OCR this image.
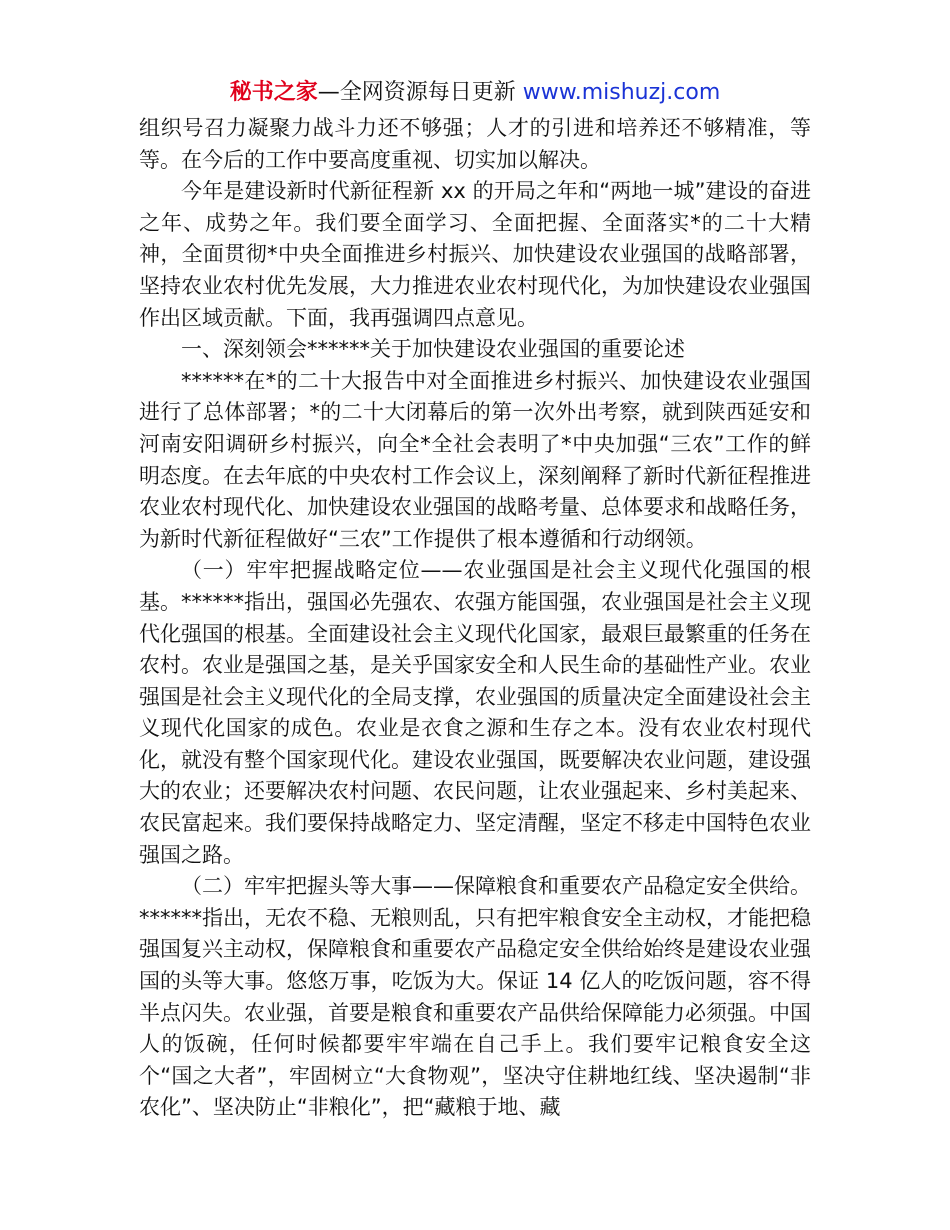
秘书之家—全网资源每日更新 www.mishuzj.com

组织号召力凝聚力战斗力还不够强；人才的引进和培养还不够精准，等等。在今后的工作中要高度重视、切实加以解决。

今年是建设新时代新征程新 xx 的开局之年和“两地一城”建设的奋进之年、成势之年。我们要全面学习、全面把握、全面落实*的二十大精神，全面贯彻*中央全面推进乡村振兴、加快建设农业强国的战略部署，坚持农业农村优先发展，大力推进农业农村现代化，为加快建设农业强国作出区域贡献。下面，我再强调四点意见。

一、深刻领会******关于加快建设农业强国的重要论述

******在*的二十大报告中对全面推进乡村振兴、加快建设农业强国进行了总体部署；*的二十大闭幕后的第一次外出考察，就到陕西延安和河南安阳调研乡村振兴，向全*全社会表明了*中央加强“三农”工作的鲜明态度。在去年底的中央农村工作会议上，深刻阐释了新时代新征程推进农业农村现代化、加快建设农业强国的战略考量、总体要求和战略任务，为新时代新征程做好“三农”工作提供了根本遵循和行动纲领。

（一）牢牢把握战略定位——农业强国是社会主义现代化强国的根基。******指出，强国必先强农、农强方能国强，农业强国是社会主义现代化强国的根基。全面建设社会主义现代化国家，最艰巨最繁重的任务在农村。农业是强国之基，是关乎国家安全和人民生命的基础性产业。农业强国是社会主义现代化的全局支撑，农业强国的质量决定全面建设社会主义现代化国家的成色。农业是衣食之源和生存之本。没有农业农村现代化，就没有整个国家现代化。建设农业强国，既要解决农业问题，建设强大的农业；还要解决农村问题、农民问题，让农业强起来、乡村美起来、农民富起来。我们要保持战略定力、坚定清醒，坚定不移走中国特色农业强国之路。

（二）牢牢把握头等大事——保障粮食和重要农产品稳定安全供给。******指出，无农不稳、无粮则乱，只有把牢粮食安全主动权，才能把稳强国复兴主动权，保障粮食和重要农产品稳定安全供给始终是建设农业强国的头等大事。悠悠万事，吃饭为大。保证 14 亿人的吃饭问题，容不得半点闪失。农业强，首要是粮食和重要农产品供给保障能力必须强。中国人的饭碗，任何时候都要牢牢端在自己手上。我们要牢记粮食安全这个“国之大者”，牢固树立“大食物观”，坚决守住耕地红线、坚决遏制“非农化”、坚决防止“非粮化”，把“藏粮于地、藏
